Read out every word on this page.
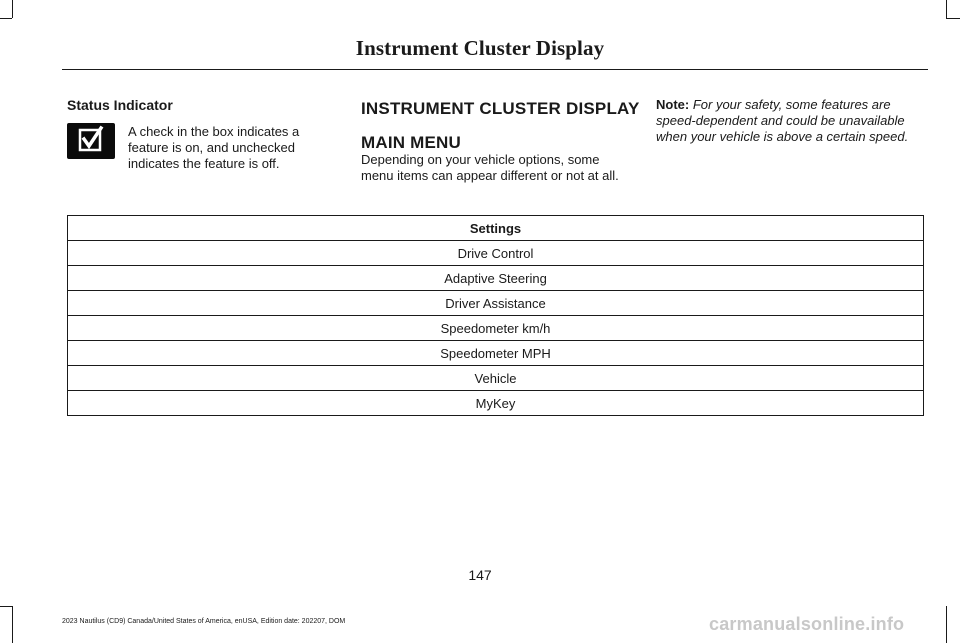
Instrument Cluster Display
Status Indicator
A check in the box indicates a feature is on, and unchecked indicates the feature is off.
INSTRUMENT CLUSTER DISPLAY
MAIN MENU
Depending on your vehicle options, some menu items can appear different or not at all.
Note: For your safety, some features are speed-dependent and could be unavailable when your vehicle is above a certain speed.
Settings
Drive Control
Adaptive Steering
Driver Assistance
Speedometer km/h
Speedometer MPH
Vehicle
MyKey
147
2023 Nautilus (CD9) Canada/United States of America, enUSA, Edition date: 202207, DOM	carmanualsonline.info
